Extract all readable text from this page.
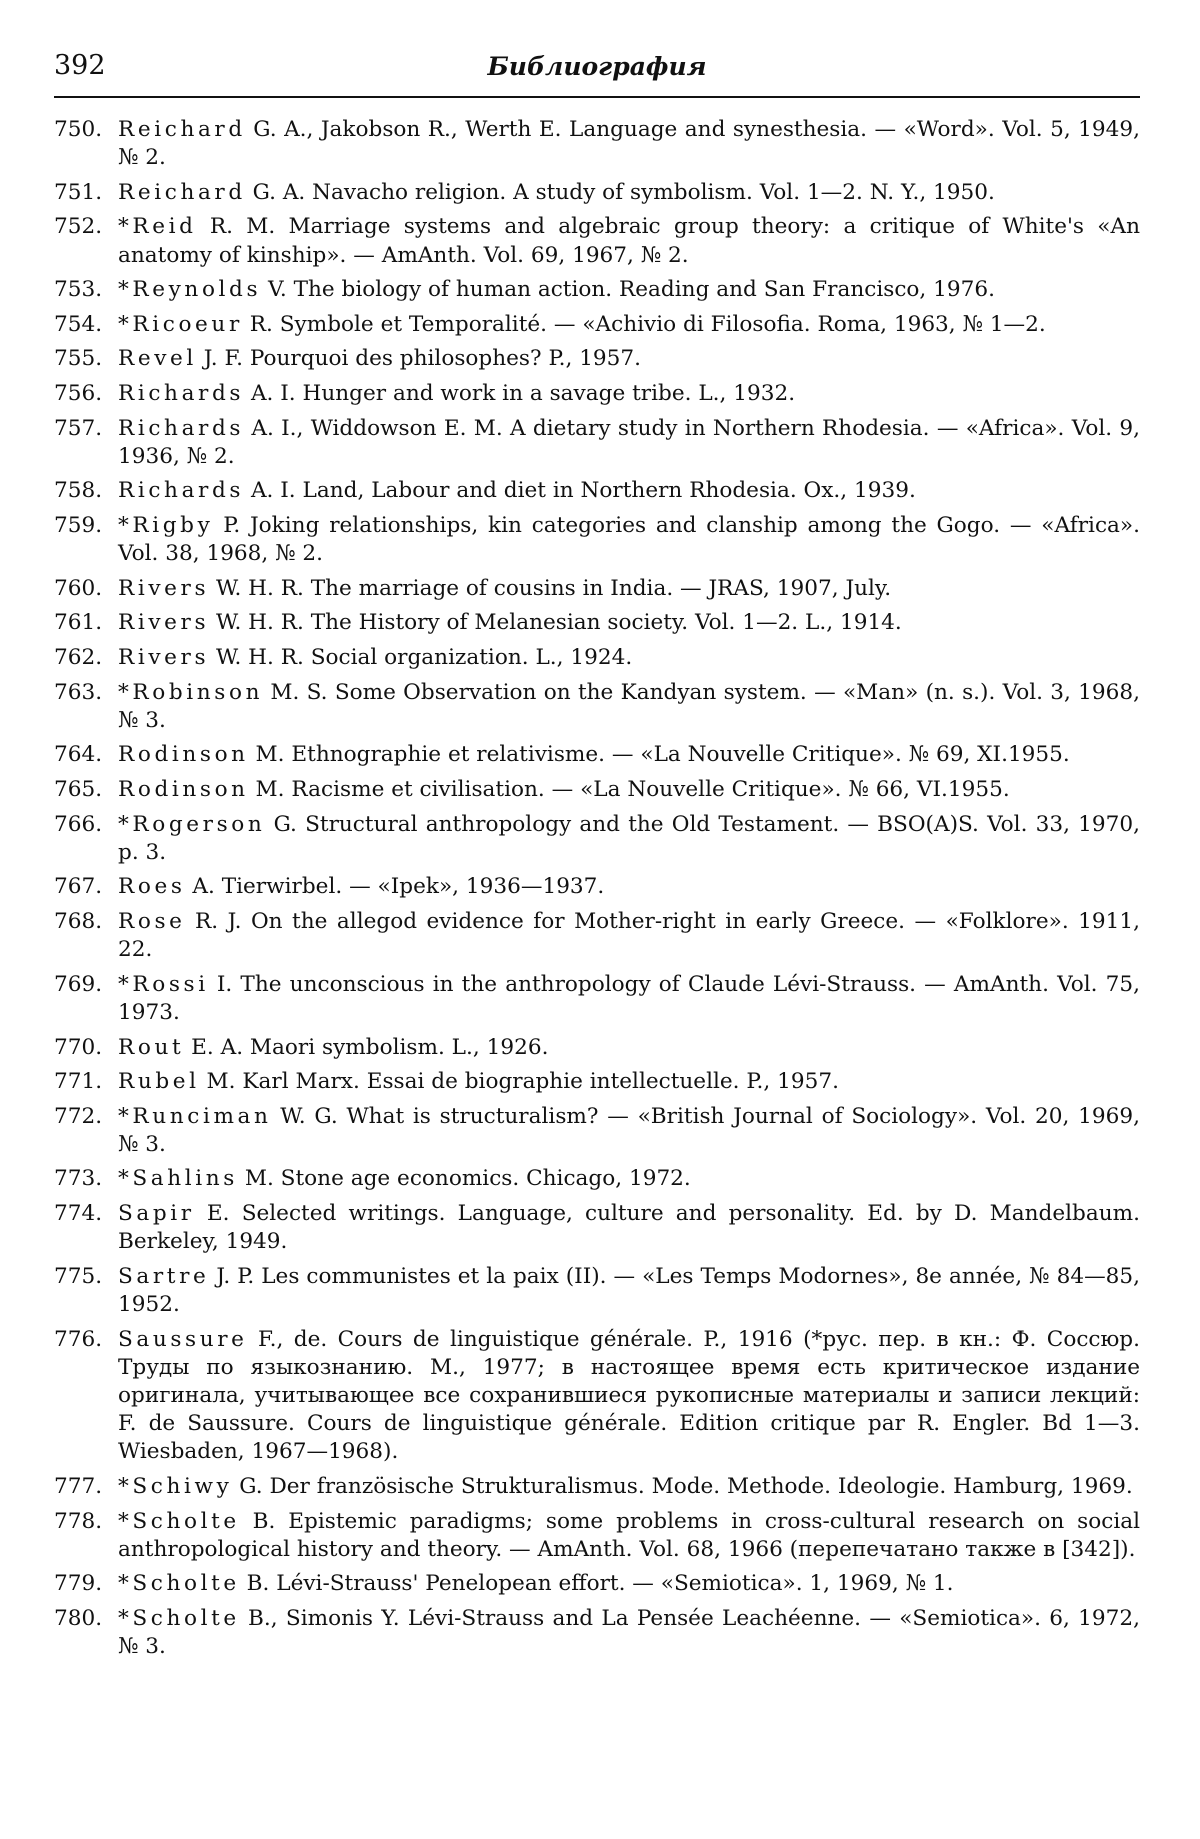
392	Библиография
750. Reichard G. A., Jakobson R., Werth E. Language and synesthesia. — «Word». Vol. 5, 1949, № 2.
751. Reichard G. A. Navacho religion. A study of symbolism. Vol. 1—2. N. Y., 1950.
752. *Reid R. M. Marriage systems and algebraic group theory: a critique of White's «An anatomy of kinship». — AmAnth. Vol. 69, 1967, № 2.
753. *Reynolds V. The biology of human action. Reading and San Francisco, 1976.
754. *Ricoeur R. Symbole et Temporalité. — «Achivio di Filosofia. Roma, 1963, № 1—2.
755. Revel J. F. Pourquoi des philosophes? P., 1957.
756. Richards A. I. Hunger and work in a savage tribe. L., 1932.
757. Richards A. I., Widdowson E. M. A dietary study in Northern Rhodesia. — «Africa». Vol. 9, 1936, № 2.
758. Richards A. I. Land, Labour and diet in Northern Rhodesia. Ox., 1939.
759. *Rigby P. Joking relationships, kin categories and clanship among the Gogo. — «Africa». Vol. 38, 1968, № 2.
760. Rivers W. H. R. The marriage of cousins in India. — JRAS, 1907, July.
761. Rivers W. H. R. The History of Melanesian society. Vol. 1—2. L., 1914.
762. Rivers W. H. R. Social organization. L., 1924.
763. *Robinson M. S. Some Observation on the Kandyan system. — «Man» (n. s.). Vol. 3, 1968, № 3.
764. Rodinson M. Ethnographie et relativisme. — «La Nouvelle Critique». № 69, XI.1955.
765. Rodinson M. Racisme et civilisation. — «La Nouvelle Critique». № 66, VI.1955.
766. *Rogerson G. Structural anthropology and the Old Testament. — BSO(A)S. Vol. 33, 1970, p. 3.
767. Roes A. Tierwirbel. — «Ipek», 1936—1937.
768. Rose R. J. On the allegod evidence for Mother-right in early Greece. — «Folklore». 1911, 22.
769. *Rossi I. The unconscious in the anthropology of Claude Lévi-Strauss. — AmAnth. Vol. 75, 1973.
770. Rout E. A. Maori symbolism. L., 1926.
771. Rubel M. Karl Marx. Essai de biographie intellectuelle. P., 1957.
772. *Runciman W. G. What is structuralism? — «British Journal of Sociology». Vol. 20, 1969, № 3.
773. *Sahlins M. Stone age economics. Chicago, 1972.
774. Sapir E. Selected writings. Language, culture and personality. Ed. by D. Mandelbaum. Berkeley, 1949.
775. Sartre J. P. Les communistes et la paix (II). — «Les Temps Modornes», 8e année, № 84—85, 1952.
776. Saussure F., de. Cours de linguistique générale. P., 1916 (*рус. пер. в кн.: Ф. Соссюр. Труды по языкознанию. М., 1977; в настоящее время есть критическое издание оригинала, учитывающее все сохранившиеся рукописные материалы и записи лекций: F. de Saussure. Cours de linguistique générale. Edition critique par R. Engler. Bd 1—3. Wiesbaden, 1967—1968).
777. *Schiwy G. Der französische Strukturalismus. Mode. Methode. Ideologie. Hamburg, 1969.
778. *Scholte B. Epistemic paradigms; some problems in cross-cultural research on social anthropological history and theory. — AmAnth. Vol. 68, 1966 (перепечатано также в [342]).
779. *Scholte B. Lévi-Strauss' Penelopean effort. — «Semiotica». 1, 1969, № 1.
780. *Scholte B., Simonis Y. Lévi-Strauss and La Pensée Leachéenne. — «Semiotica». 6, 1972, № 3.
